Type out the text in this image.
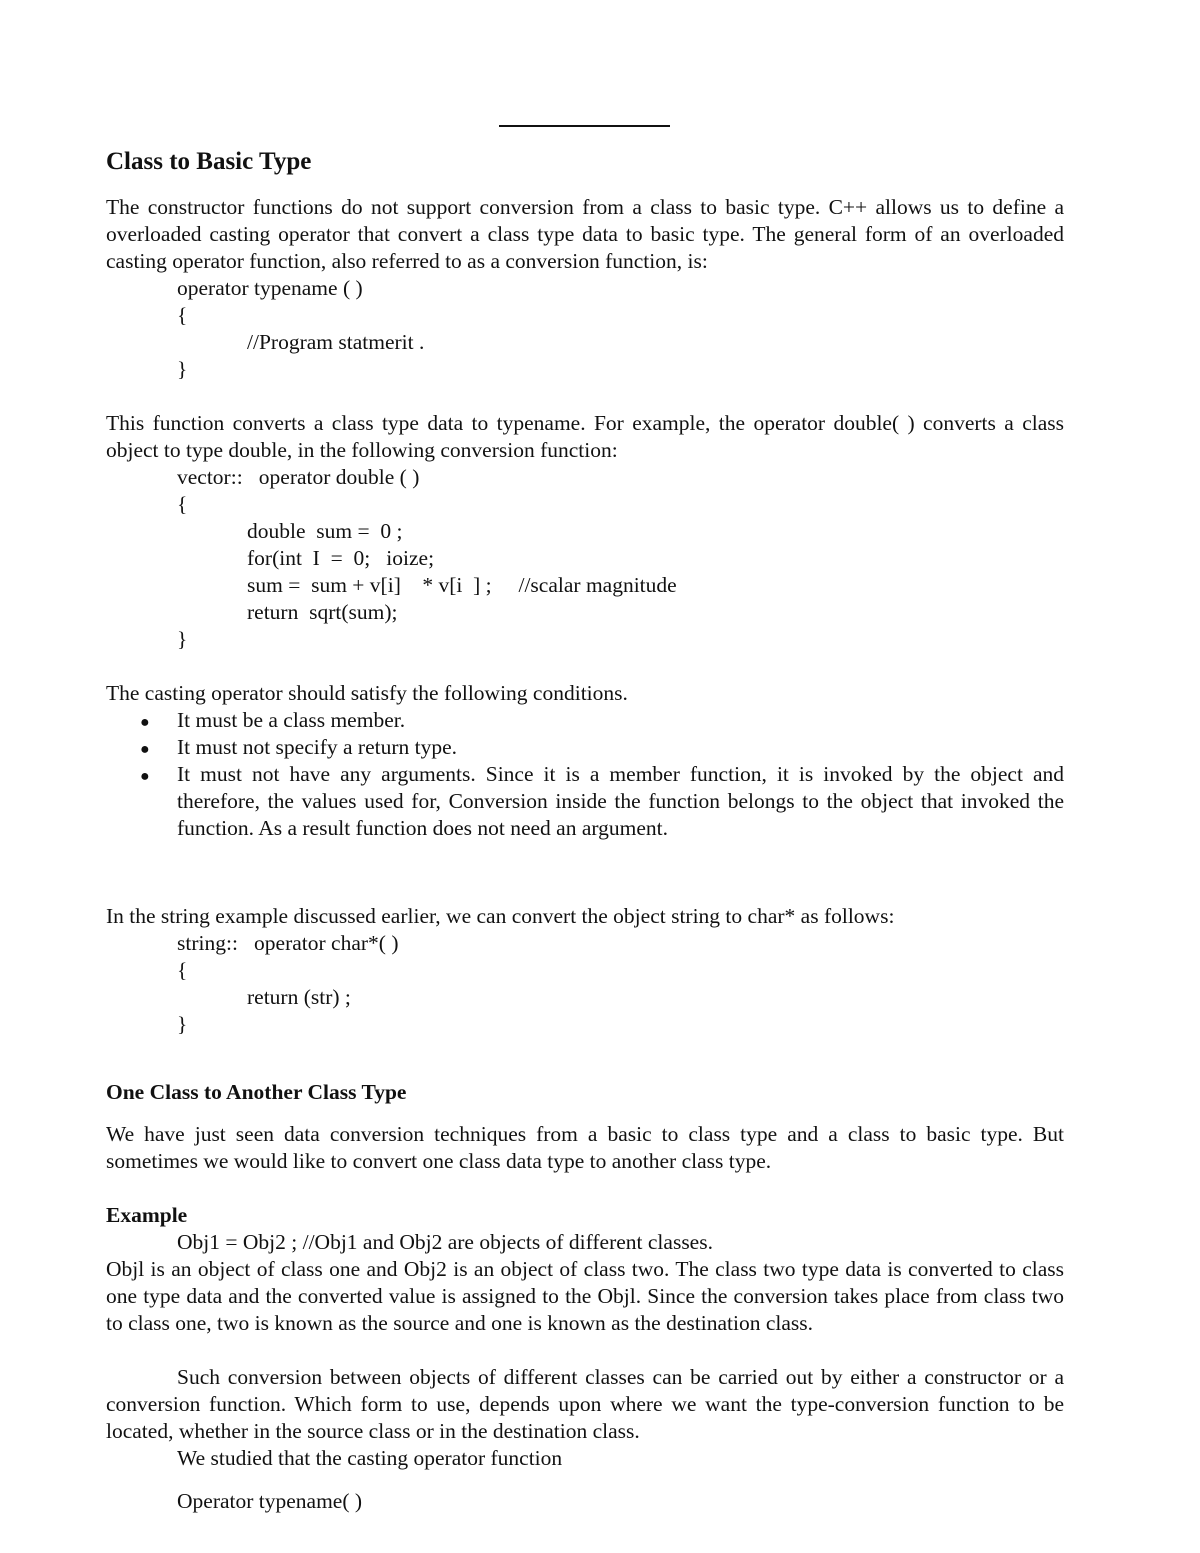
Class to Basic Type
The constructor functions do not support conversion from a class to basic type. C++ allows us to define a overloaded casting operator that convert a class type data to basic type. The general form of an overloaded casting operator function, also referred to as a conversion function, is:
operator typename ( )
{
//Program statmerit .
}
This function converts a class type data to typename. For example, the operator double( ) converts a class object to type double, in the following conversion function:
vector::   operator double ( )
{
double  sum =  0 ;
for(int  I  =  0;   ioize;
sum =  sum + v[i]    * v[i  ] ;     //scalar magnitude
return  sqrt(sum);
}
The casting operator should satisfy the following conditions.
● It must be a class member.
● It must not specify a return type.
● It must not have any arguments. Since it is a member function, it is invoked by the object and therefore, the values used for, Conversion inside the function belongs to the object that invoked the function. As a result function does not need an argument.
In the string example discussed earlier, we can convert the object string to char* as follows:
string::   operator char*( )
{
return (str) ;
}
One Class to Another Class Type
We have just seen data conversion techniques from a basic to class type and a class to basic type. But sometimes we would like to convert one class data type to another class type.
Example
Obj1 = Obj2 ; //Obj1 and Obj2 are objects of different classes.
Objl is an object of class one and Obj2 is an object of class two. The class two type data is converted to class one type data and the converted value is assigned to the Objl. Since the conversion takes place from class two to class one, two is known as the source and one is known as the destination class.
Such conversion between objects of different classes can be carried out by either a constructor or a conversion function. Which form to use, depends upon where we want the type-conversion function to be located, whether in the source class or in the destination class.
We studied that the casting operator function
Operator typename( )
